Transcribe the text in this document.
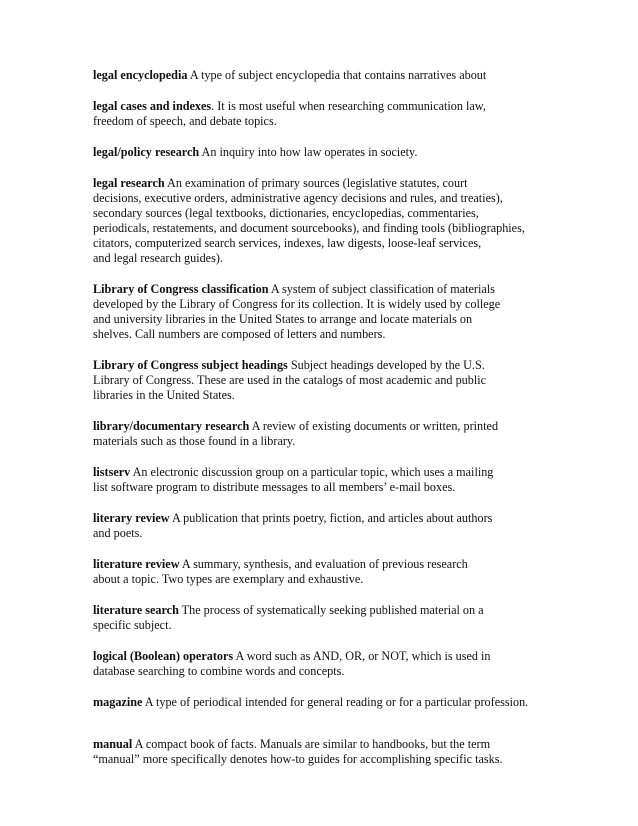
legal encyclopedia A type of subject encyclopedia that contains narratives about

legal cases and indexes. It is most useful when researching communication law,
freedom of speech, and debate topics.

legal/policy research An inquiry into how law operates in society.

legal research An examination of primary sources (legislative statutes, court
decisions, executive orders, administrative agency decisions and rules, and treaties),
secondary sources (legal textbooks, dictionaries, encyclopedias, commentaries,
periodicals, restatements, and document sourcebooks), and finding tools (bibliographies,
citators, computerized search services, indexes, law digests, loose-leaf services,
and legal research guides).

Library of Congress classification A system of subject classification of materials
developed by the Library of Congress for its collection. It is widely used by college
and university libraries in the United States to arrange and locate materials on
shelves. Call numbers are composed of letters and numbers.

Library of Congress subject headings Subject headings developed by the U.S.
Library of Congress. These are used in the catalogs of most academic and public
libraries in the United States.

library/documentary research A review of existing documents or written, printed
materials such as those found in a library.

listserv An electronic discussion group on a particular topic, which uses a mailing
list software program to distribute messages to all members’ e-mail boxes.

literary review A publication that prints poetry, fiction, and articles about authors
and poets.

literature review A summary, synthesis, and evaluation of previous research
about a topic. Two types are exemplary and exhaustive.

literature search The process of systematically seeking published material on a
specific subject.

logical (Boolean) operators A word such as AND, OR, or NOT, which is used in
database searching to combine words and concepts.

magazine A type of periodical intended for general reading or for a particular profession.

manual A compact book of facts. Manuals are similar to handbooks, but the term
“manual” more specifically denotes how-to guides for accomplishing specific tasks.
